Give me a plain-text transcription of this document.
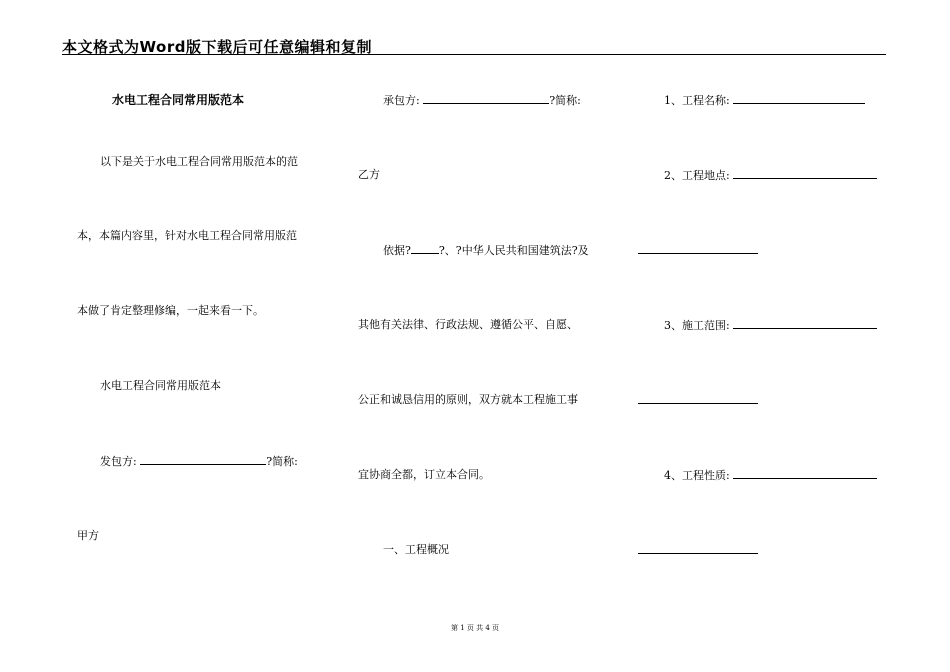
本文格式为Word版下载后可任意编辑和复制
水电工程合同常用版范本
以下是关于水电工程合同常用版范本的范
本，本篇内容里，针对水电工程合同常用版范
本做了肯定整理修编，一起来看一下。
水电工程合同常用版范本
发包方:	?简称:
甲方
承包方:	?简称:
乙方
依据?	?、?中华人民共和国建筑法?及
其他有关法律、行政法规、遵循公平、自愿、
公正和诚恳信用的原则，双方就本工程施工事
宜协商全都，订立本合同。
一、工程概况
1、工程名称:
2、工程地点:
3、施工范围:
4、工程性质:
第 1 页 共 4 页
